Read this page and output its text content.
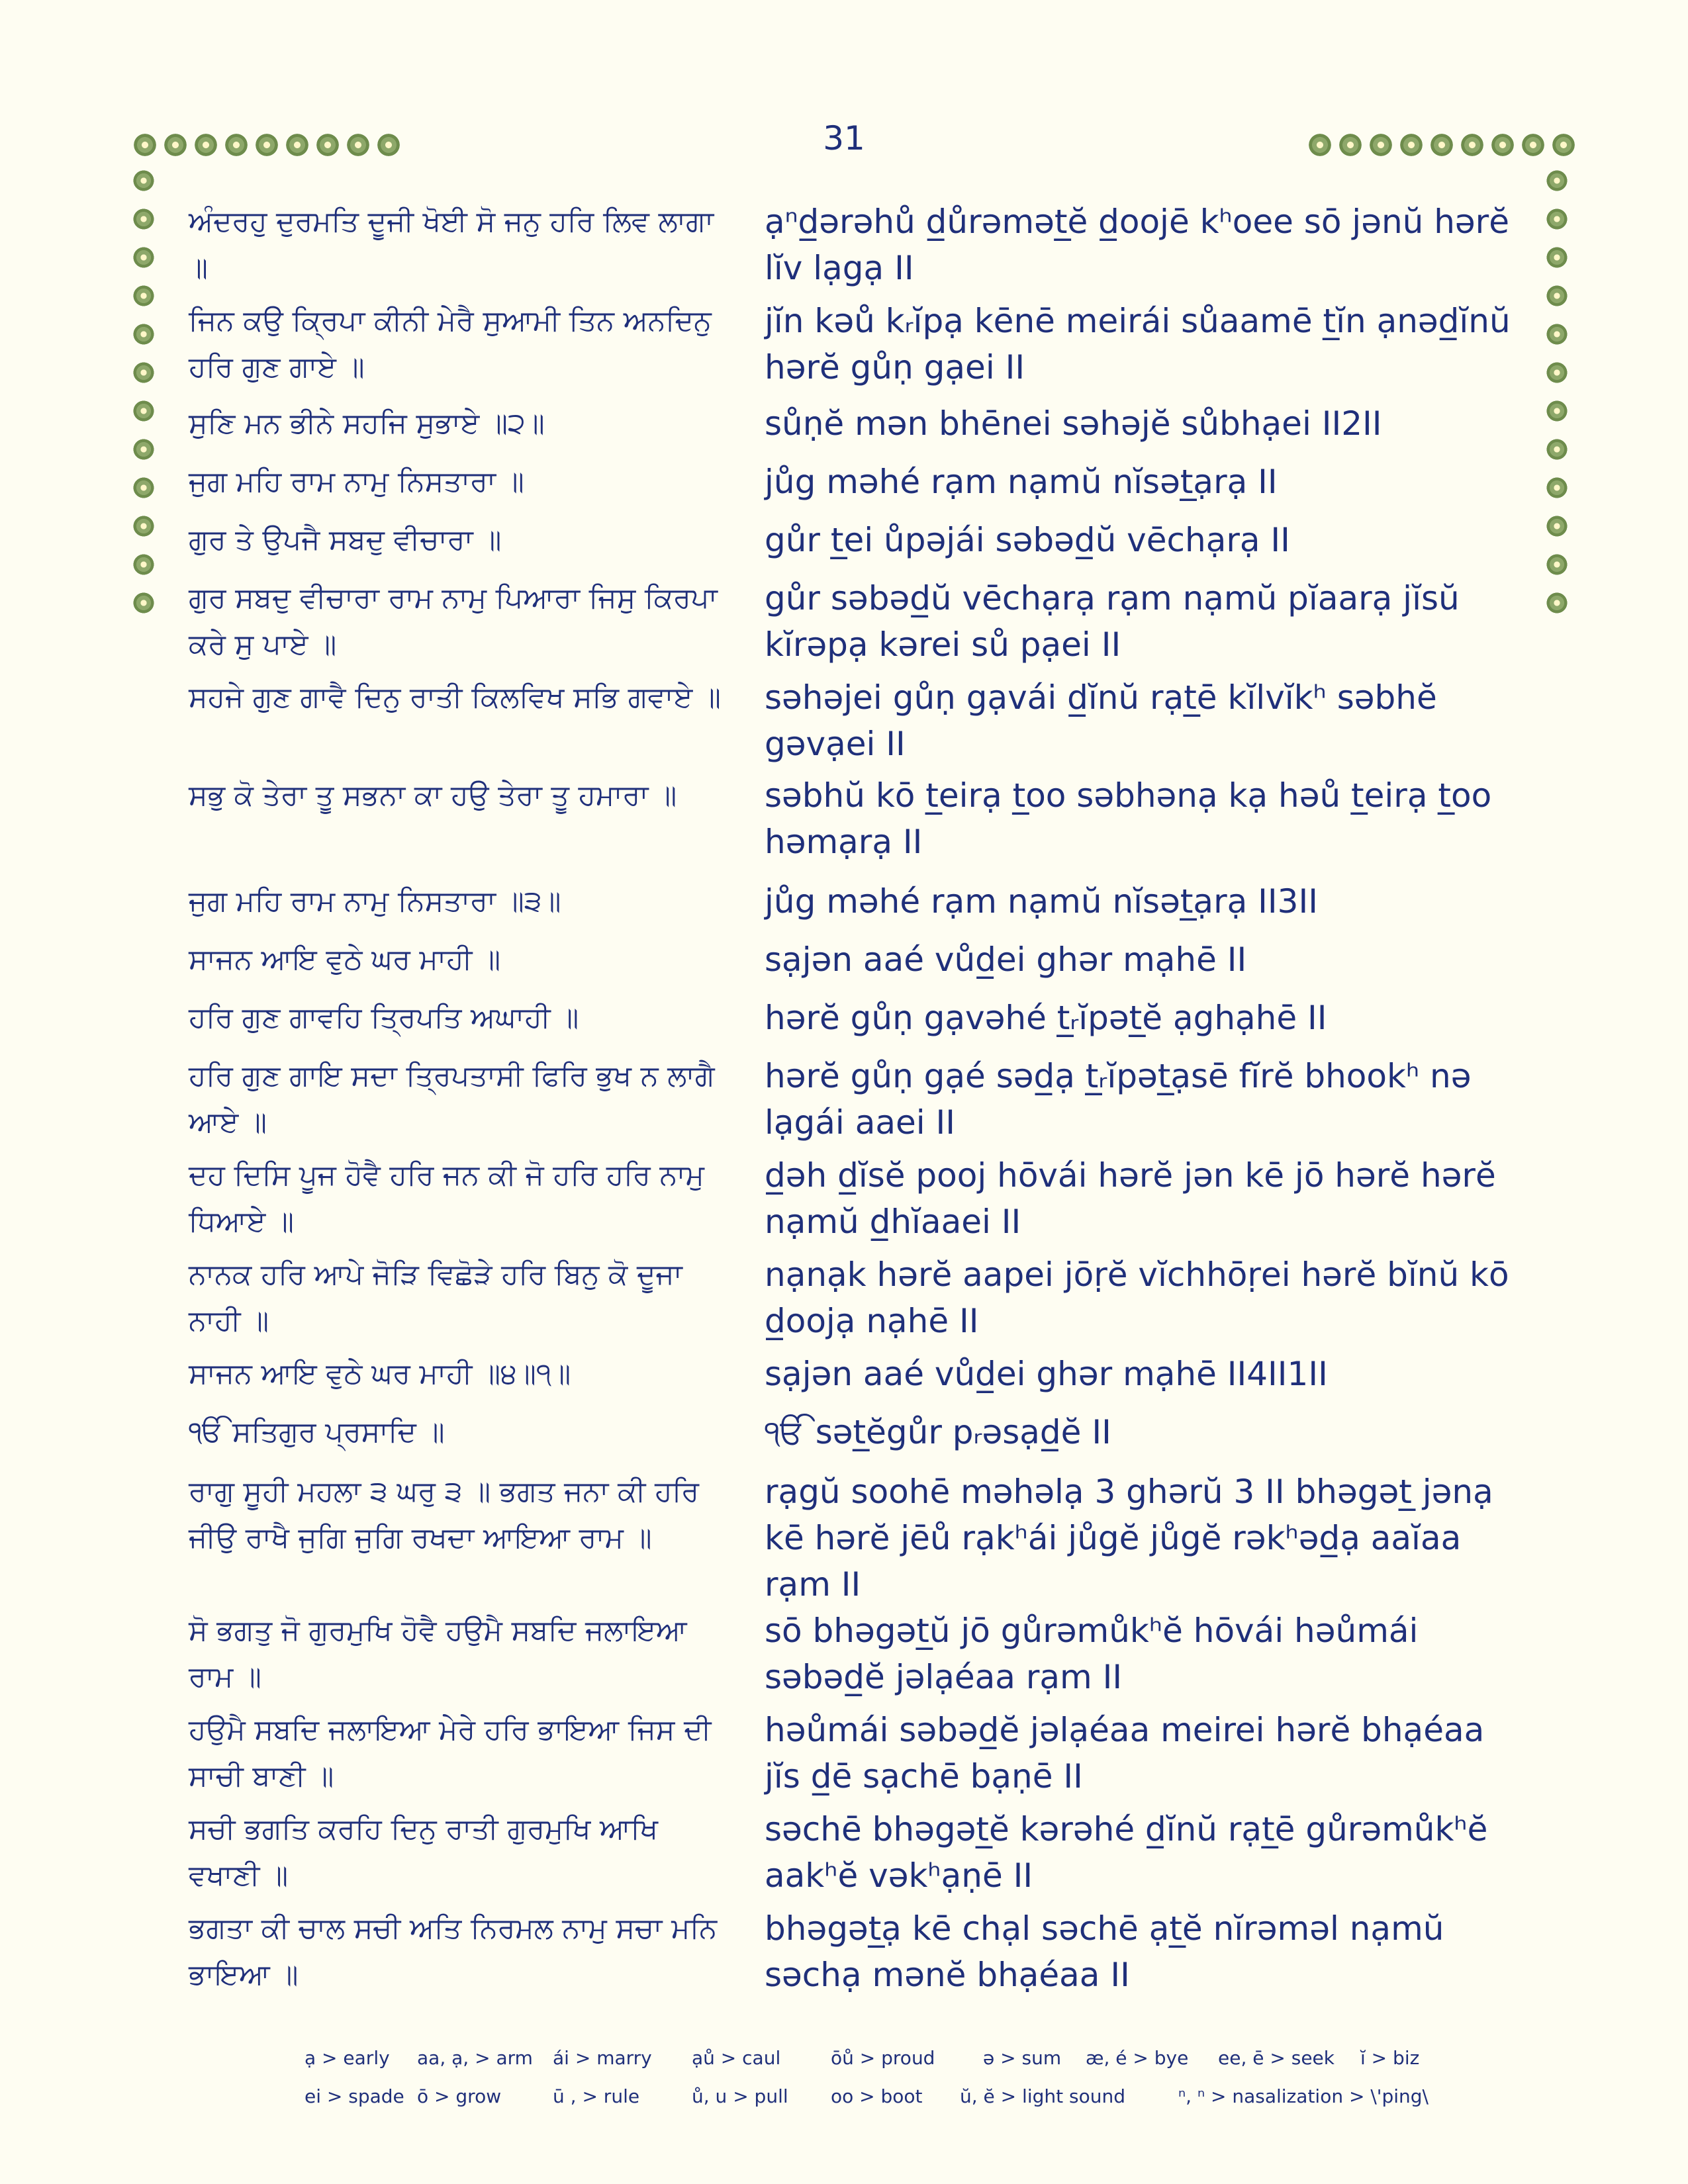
31
ਅੰਦਰਹੁ ਦੁਰਮਤਿ ਦੂਜੀ ਖੋਈ ਸੋ ਜਨੁ ਹਰਿ ਲਿਵ ਲਾਗਾ ॥
ạⁿd̲ərəhů d̲ůrəmət̲ĕ d̲oojē kʰoee sō jənŭ hərĕ lĭv lạgạ II
ਜਿਨ ਕਉ ਕ੍ਰਿਪਾ ਕੀਨੀ ਮੇਰੈ ਸੁਆਮੀ ਤਿਨ ਅਨਦਿਨੁ ਹਰਿ ਗੁਣ ਗਾਏ ॥
jĭn kəů kᵣĭpạ kēnē meirái sůaamē t̲ĭn ạnəd̲ĭnŭ hərĕ gůṇ gạei II
ਸੁਣਿ ਮਨ ਭੀਨੇ ਸਹਜਿ ਸੁਭਾਏ ॥੨॥	sůṇĕ mən bhēnei səhəjĕ sůbhạei II2II
ਜੁਗ ਮਹਿ ਰਾਮ ਨਾਮੁ ਨਿਸਤਾਰਾ ॥	jůg məhé rạm nạmŭ nĭsət̲ạrạ II
ਗੁਰ ਤੇ ਉਪਜੈ ਸਬਦੁ ਵੀਚਾਰਾ ॥	gůr t̲ei ůpəjái səbəd̲ŭ vēchạrạ II
ਗੁਰ ਸਬਦੁ ਵੀਚਾਰਾ ਰਾਮ ਨਾਮੁ ਪਿਆਰਾ ਜਿਸੁ ਕਿਰਪਾ ਕਰੇ ਸੁ ਪਾਏ ॥
gůr səbəd̲ŭ vēchạrạ rạm nạmŭ pĭaarạ jĭsŭ kĭrəpạ kərei sů pạei II
ਸਹਜੇ ਗੁਣ ਗਾਵੈ ਦਿਨੁ ਰਾਤੀ ਕਿਲਵਿਖ ਸਭਿ ਗਵਾਏ ॥ səhəjei gůṇ gạvái d̲ĭnŭ rạt̲ē kĭlvĭkʰ səbhĕ gəvạei II
ਸਭੁ ਕੋ ਤੇਰਾ ਤੂ ਸਭਨਾ ਕਾ ਹਉ ਤੇਰਾ ਤੂ ਹਮਾਰਾ ॥	səbhŭ kō t̲eirạ t̲oo səbhənạ kạ həů t̲eirạ t̲oo həmạrạ II
ਜੁਗ ਮਹਿ ਰਾਮ ਨਾਮੁ ਨਿਸਤਾਰਾ ॥੩॥	jůg məhé rạm nạmŭ nĭsət̲ạrạ II3II
ਸਾਜਨ ਆਇ ਵੁਠੇ ਘਰ ਮਾਹੀ ॥	sạjən aaé vůd̲ei ghər mạhē II
ਹਰਿ ਗੁਣ ਗਾਵਹਿ ਤ੍ਰਿਪਤਿ ਅਘਾਹੀ ॥	hərĕ gůṇ gạvəhé t̲ᵣĭpət̲ĕ ạghạhē II
ਹਰਿ ਗੁਣ ਗਾਇ ਸਦਾ ਤ੍ਰਿਪਤਾਸੀ ਫਿਰਿ ਭੁਖ ਨ ਲਾਗੈ ਆਏ ॥
hərĕ gůṇ gạé səd̲ạ t̲ᵣĭpət̲ạsē fĭrĕ bhookʰ nə lạgái aaei II
ਦਹ ਦਿਸਿ ਪੂਜ ਹੋਵੈ ਹਰਿ ਜਨ ਕੀ ਜੋ ਹਰਿ ਹਰਿ ਨਾਮੁ ਧਿਆਏ ॥
d̲əh d̲ĭsĕ pooj hōvái hərĕ jən kē jō hərĕ hərĕ nạmŭ d̲hĭaaei II
ਨਾਨਕ ਹਰਿ ਆਪੇ ਜੋੜਿ ਵਿਛੋੜੇ ਹਰਿ ਬਿਨੁ ਕੋ ਦੂਜਾ ਨਾਹੀ ॥
nạnạk hərĕ aapei jōṛĕ vĭchhōṛei hərĕ bĭnŭ kō d̲oojạ nạhē II
ਸਾਜਨ ਆਇ ਵੁਠੇ ਘਰ ਮਾਹੀ ॥੪॥੧॥	sạjən aaé vůd̲ei ghər mạhē II4II1II
ੴ ਸਤਿਗੁਰ ਪ੍ਰਸਾਦਿ ॥	ੴ sət̲ĕgůr pᵣəsạd̲ĕ II
ਰਾਗੁ ਸੂਹੀ ਮਹਲਾ ੩ ਘਰੁ ੩ ॥ ਭਗਤ ਜਨਾ ਕੀ ਹਰਿ ਜੀਉ ਰਾਖੈ ਜੁਗਿ ਜੁਗਿ ਰਖਦਾ ਆਇਆ ਰਾਮ ॥
rạgŭ soohē məhəlạ 3 ghərŭ 3 II bhəgət̲ jənạ kē hərĕ jēů rạkʰái jůgĕ jůgĕ rəkʰəd̲ạ aaĭaa rạm II
ਸੋ ਭਗਤੁ ਜੋ ਗੁਰਮੁਖਿ ਹੋਵੈ ਹਉਮੈ ਸਬਦਿ ਜਲਾਇਆ ਰਾਮ ॥
sō bhəgət̲ŭ jō gůrəmůkʰĕ hōvái həůmái səbəd̲ĕ jəlạéaa rạm II
ਹਉਮੈ ਸਬਦਿ ਜਲਾਇਆ ਮੇਰੇ ਹਰਿ ਭਾਇਆ ਜਿਸ ਦੀ ਸਾਚੀ ਬਾਣੀ ॥
həůmái səbəd̲ĕ jəlạéaa meirei hərĕ bhạéaa jĭs d̲ē sạchē bạṇē II
ਸਚੀ ਭਗਤਿ ਕਰਹਿ ਦਿਨੁ ਰਾਤੀ ਗੁਰਮੁਖਿ ਆਖਿ ਵਖਾਣੀ ॥
səchē bhəgət̲ĕ kərəhé d̲ĭnŭ rạt̲ē gůrəmůkʰĕ aakʰĕ vəkʰạṇē II
ਭਗਤਾ ਕੀ ਚਾਲ ਸਚੀ ਅਤਿ ਨਿਰਮਲ ਨਾਮੁ ਸਚਾ ਮਨਿ ਭਾਇਆ ॥
bhəgət̲ạ kē chạl səchē ạt̲ĕ nĭrəməl nạmŭ səchạ mənĕ bhạéaa II
ạ > early	aa, ạ, > arm	ái > marry	ạů > caul	ōů > proud	ə > sum	æ, é > bye	ee, ē > seek	ĭ > biz
ei > spade ō > grow	ū , > rule	ů, u > pull	oo > boot	ŭ, ĕ > light sound	ⁿ, ⁿ > nasalization > \'ping\
